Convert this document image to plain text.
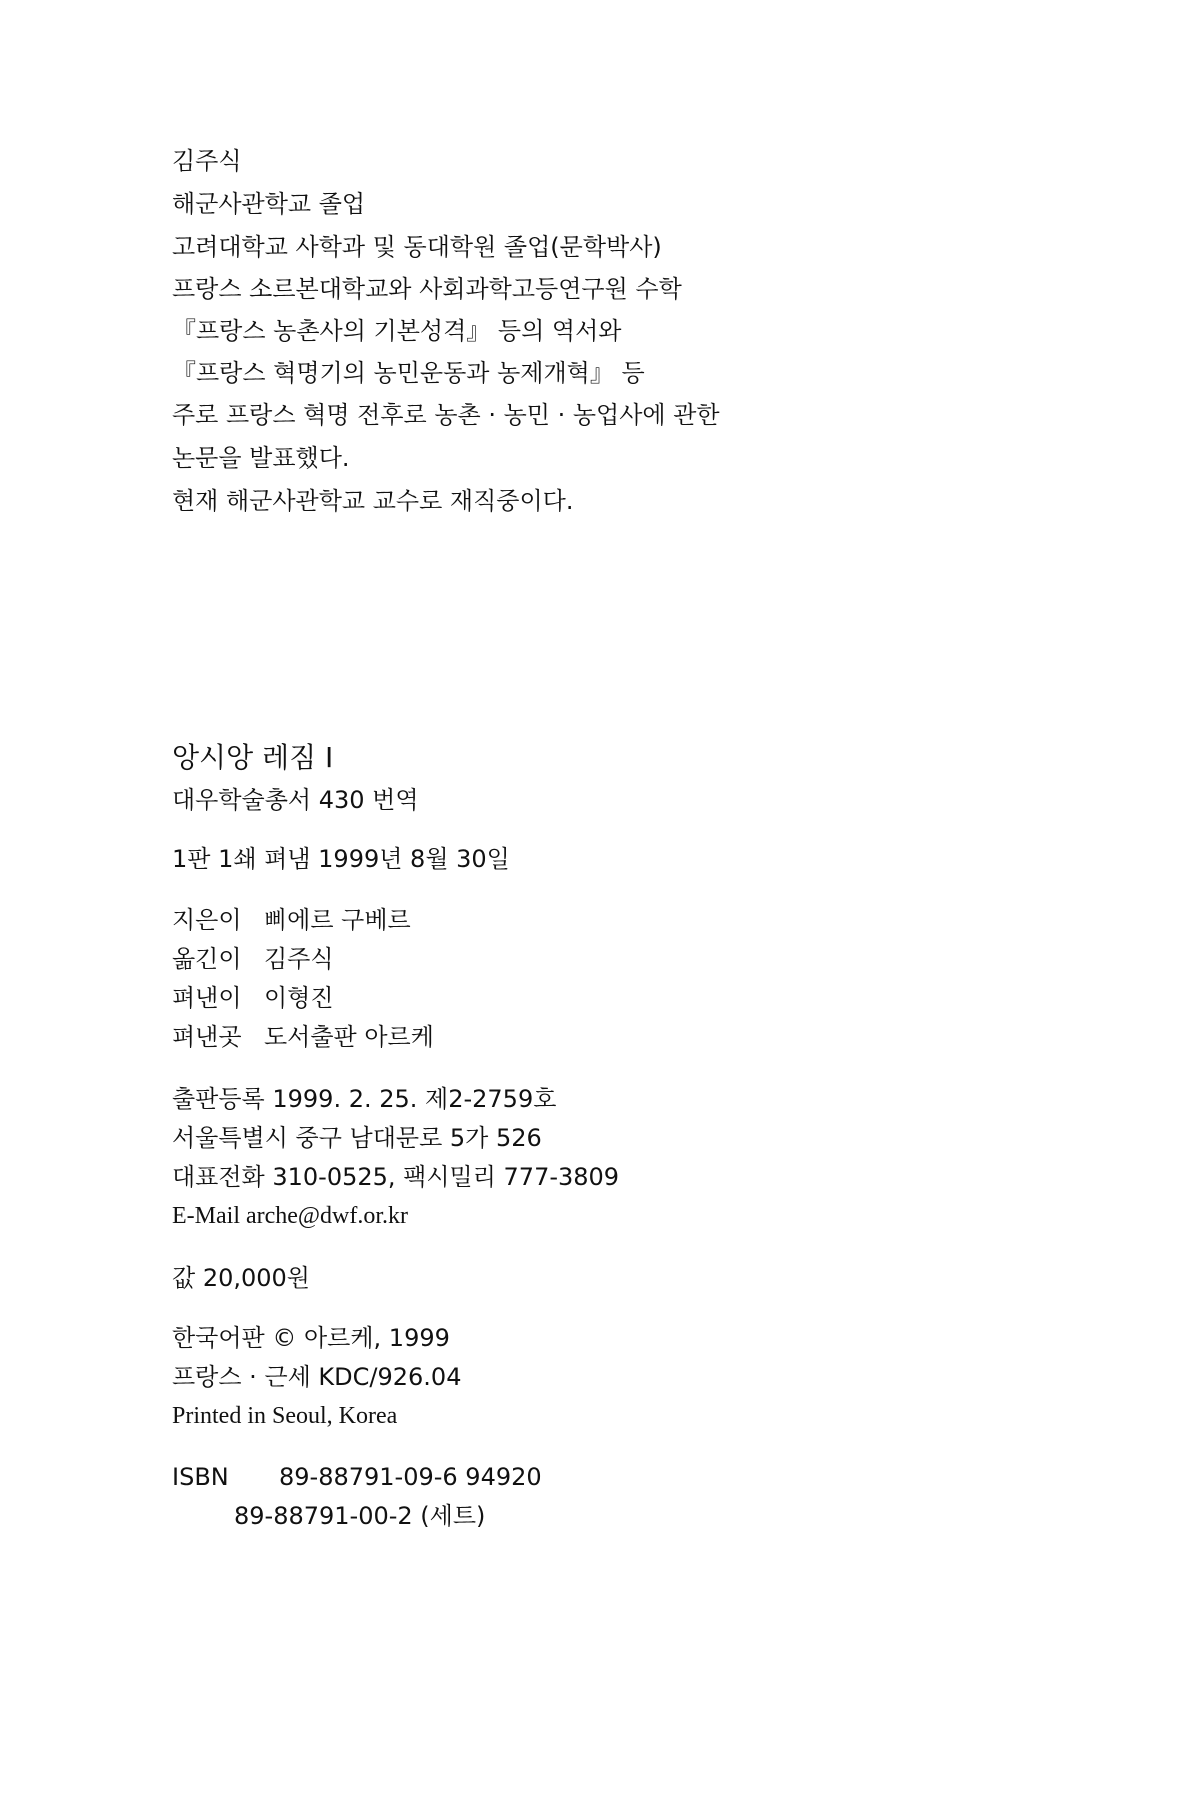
김주식
해군사관학교 졸업
고려대학교 사학과 및 동대학원 졸업(문학박사)
프랑스 소르본대학교와 사회과학고등연구원 수학
『프랑스 농촌사의 기본성격』 등의 역서와
『프랑스 혁명기의 농민운동과 농제개혁』 등
주로 프랑스 혁명 전후로 농촌 · 농민 · 농업사에 관한
논문을 발표했다.
현재 해군사관학교 교수로 재직중이다.
앙시앙 레짐 I
대우학술총서 430 번역
1판 1쇄 펴냄 1999년 8월 30일
지은이 삐에르 구베르
옮긴이 김주식
펴낸이 이형진
펴낸곳 도서출판 아르케
출판등록 1999. 2. 25. 제2-2759호
서울특별시 중구 남대문로 5가 526
대표전화 310-0525, 팩시밀리 777-3809
E-Mail arche@dwf.or.kr
값 20,000원
한국어판 © 아르케, 1999
프랑스 · 근세 KDC/926.04
Printed in Seoul, Korea
ISBN 89-88791-09-6 94920
89-88791-00-2 (세트)
